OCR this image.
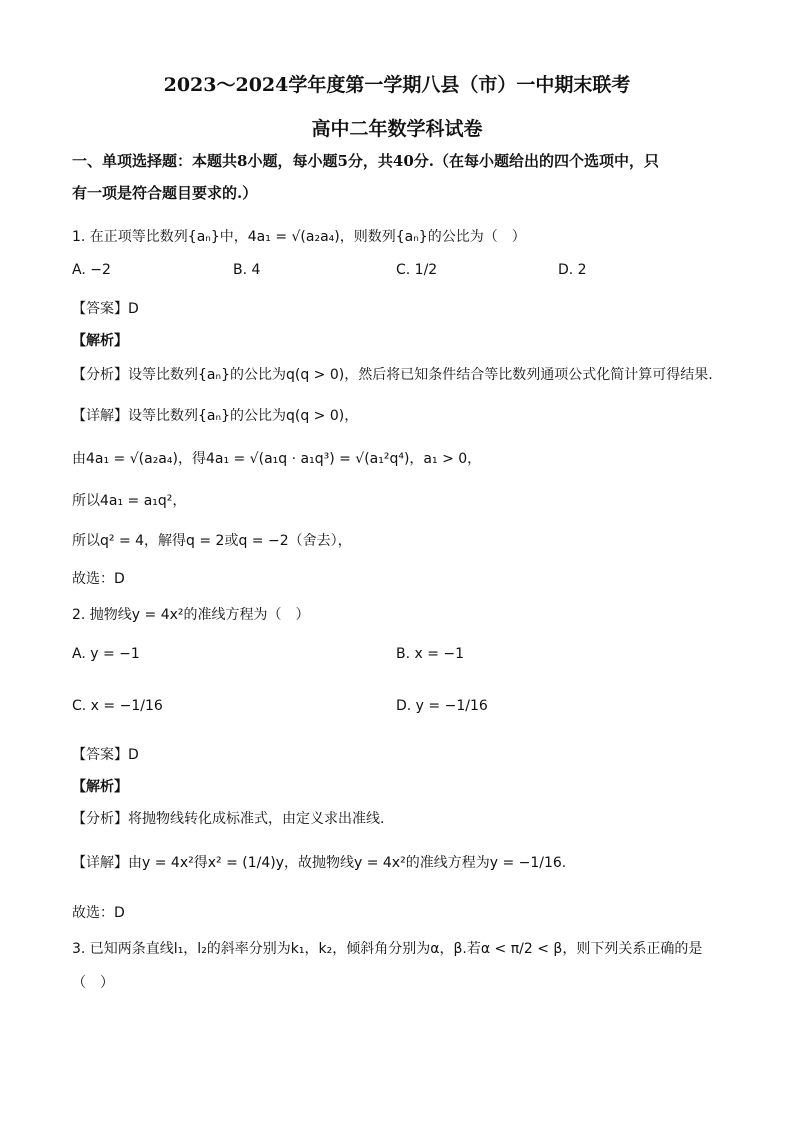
2023～2024学年度第一学期八县（市）一中期末联考
高中二年数学科试卷
一、单项选择题：本题共8小题，每小题5分，共40分.（在每小题给出的四个选项中，只
有一项是符合题目要求的.）
1. 在正项等比数列{aₙ}中，4a₁ = √(a₂a₄)，则数列{aₙ}的公比为（　）
A. −2	B. 4	C. 1/2	D. 2
【答案】D
【解析】
【分析】设等比数列{aₙ}的公比为q(q > 0)，然后将已知条件结合等比数列通项公式化简计算可得结果.
【详解】设等比数列{aₙ}的公比为q(q > 0)，
由4a₁ = √(a₂a₄)，得4a₁ = √(a₁q · a₁q³) = √(a₁²q⁴)，a₁ > 0，
所以4a₁ = a₁q²，
所以q² = 4，解得q = 2或q = −2（舍去），
故选：D
2. 抛物线y = 4x²的准线方程为（　）
A. y = −1	B. x = −1
C. x = −1/16	D. y = −1/16
【答案】D
【解析】
【分析】将抛物线转化成标准式，由定义求出准线.
【详解】由y = 4x²得x² = (1/4)y，故抛物线y = 4x²的准线方程为y = −1/16.
故选：D
3. 已知两条直线l₁，l₂的斜率分别为k₁，k₂，倾斜角分别为α，β.若α < π/2 < β，则下列关系正确的是
（　）
